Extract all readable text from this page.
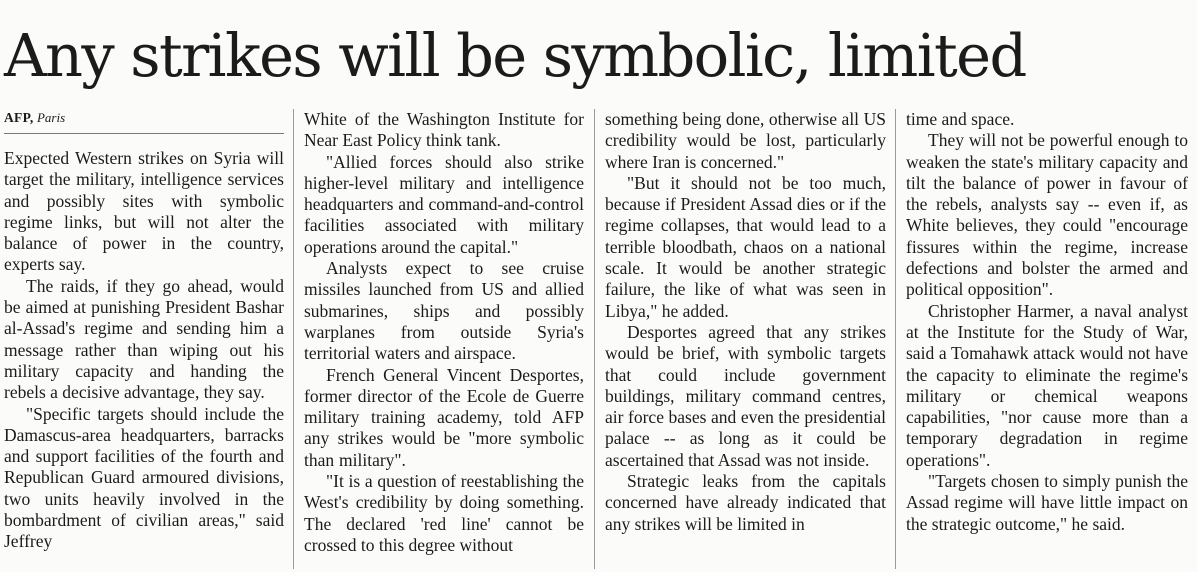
Any strikes will be symbolic, limited
AFP, Paris

Expected Western strikes on Syria will target the military, intelligence services and possibly sites with symbolic regime links, but will not alter the balance of power in the country, experts say.

The raids, if they go ahead, would be aimed at punishing President Bashar al-Assad's regime and sending him a message rather than wiping out his military capacity and handing the rebels a decisive advantage, they say.

"Specific targets should include the Damascus-area headquarters, barracks and support facilities of the fourth and Republican Guard armoured divisions, two units heavily involved in the bombardment of civilian areas," said Jeffrey

White of the Washington Institute for Near East Policy think tank.

"Allied forces should also strike higher-level military and intelligence headquarters and command-and-control facilities associated with military operations around the capital."

Analysts expect to see cruise missiles launched from US and allied submarines, ships and possibly warplanes from outside Syria's territorial waters and airspace.

French General Vincent Desportes, former director of the Ecole de Guerre military training academy, told AFP any strikes would be "more symbolic than military".

"It is a question of reestablishing the West's credibility by doing something. The declared 'red line' cannot be crossed to this degree without

something being done, otherwise all US credibility would be lost, particularly where Iran is concerned."

"But it should not be too much, because if President Assad dies or if the regime collapses, that would lead to a terrible bloodbath, chaos on a national scale. It would be another strategic failure, the like of what was seen in Libya," he added.

Desportes agreed that any strikes would be brief, with symbolic targets that could include government buildings, military command centres, air force bases and even the presidential palace -- as long as it could be ascertained that Assad was not inside.

Strategic leaks from the capitals concerned have already indicated that any strikes will be limited in

time and space.

They will not be powerful enough to weaken the state's military capacity and tilt the balance of power in favour of the rebels, analysts say -- even if, as White believes, they could "encourage fissures within the regime, increase defections and bolster the armed and political opposition".

Christopher Harmer, a naval analyst at the Institute for the Study of War, said a Tomahawk attack would not have the capacity to eliminate the regime's military or chemical weapons capabilities, "nor cause more than a temporary degradation in regime operations".

"Targets chosen to simply punish the Assad regime will have little impact on the strategic outcome," he said.
